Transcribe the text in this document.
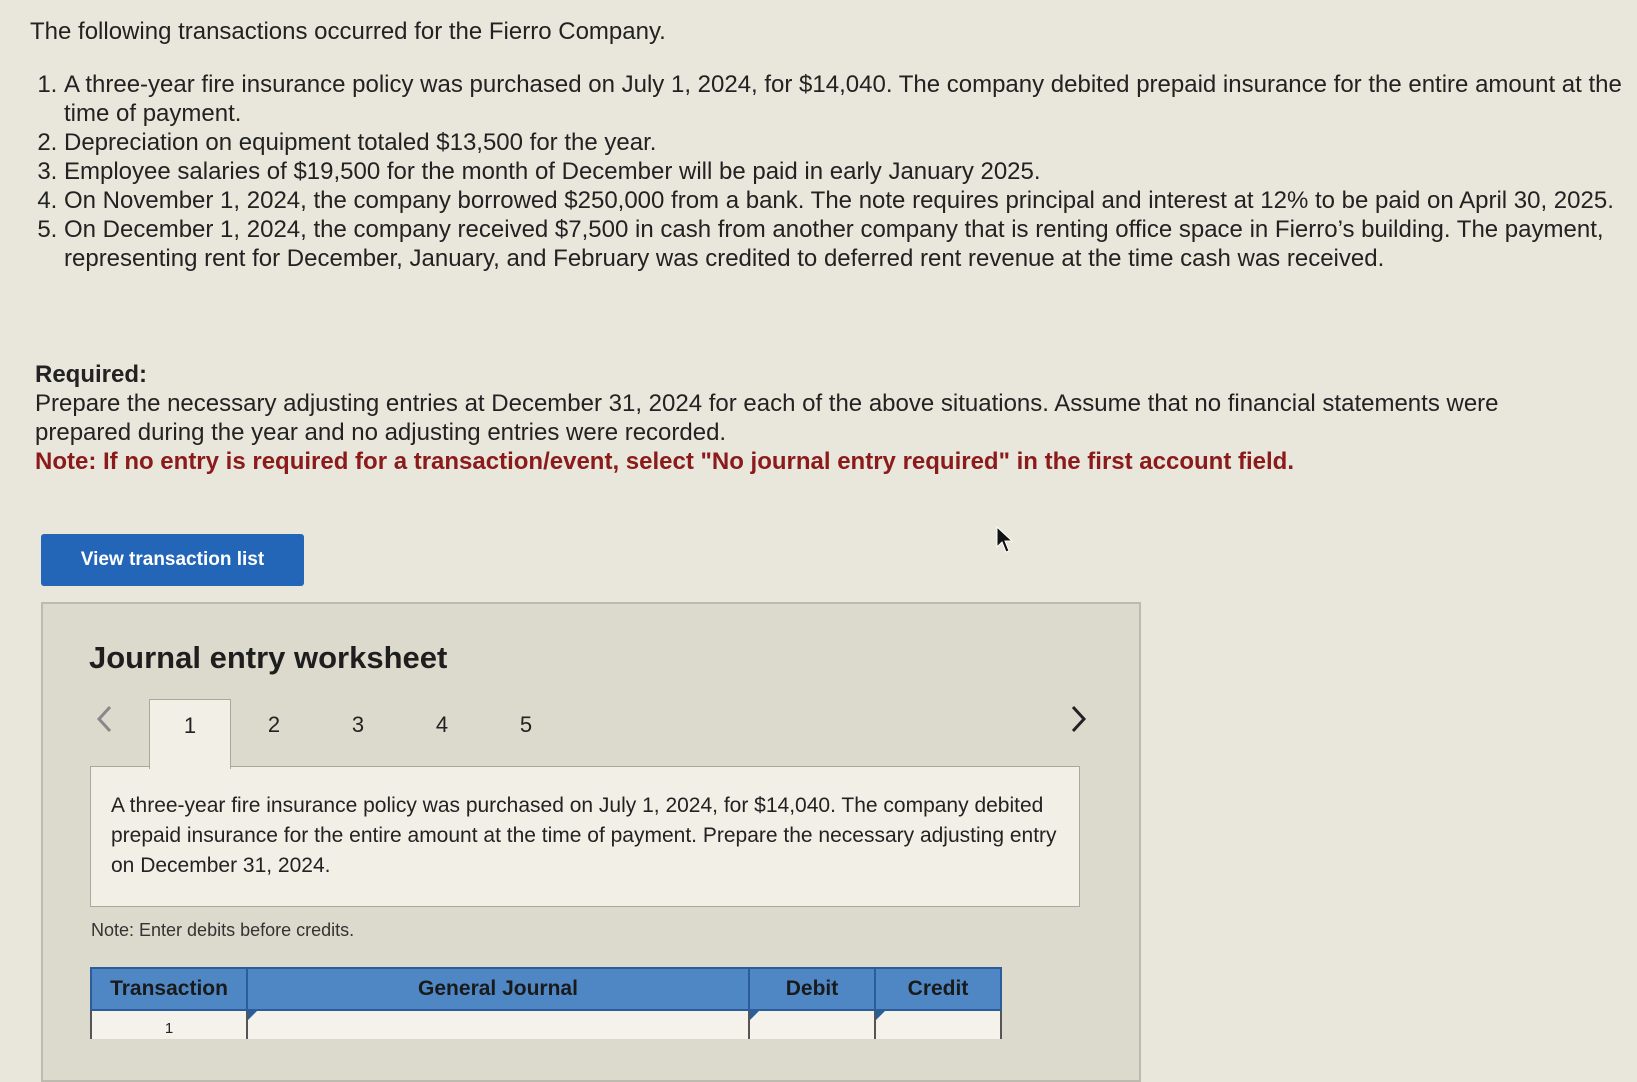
The following transactions occurred for the Fierro Company.

1. A three-year fire insurance policy was purchased on July 1, 2024, for $14,040. The company debited prepaid insurance for the entire amount at the time of payment.
2. Depreciation on equipment totaled $13,500 for the year.
3. Employee salaries of $19,500 for the month of December will be paid in early January 2025.
4. On November 1, 2024, the company borrowed $250,000 from a bank. The note requires principal and interest at 12% to be paid on April 30, 2025.
5. On December 1, 2024, the company received $7,500 in cash from another company that is renting office space in Fierro’s building. The payment, representing rent for December, January, and February was credited to deferred rent revenue at the time cash was received.
Required:
Prepare the necessary adjusting entries at December 31, 2024 for each of the above situations. Assume that no financial statements were prepared during the year and no adjusting entries were recorded.
Note: If no entry is required for a transaction/event, select "No journal entry required" in the first account field.
View transaction list
Journal entry worksheet
1	2	3	4	5
A three-year fire insurance policy was purchased on July 1, 2024, for $14,040. The company debited prepaid insurance for the entire amount at the time of payment. Prepare the necessary adjusting entry on December 31, 2024.
Note: Enter debits before credits.
Transaction	General Journal	Debit	Credit

1			
